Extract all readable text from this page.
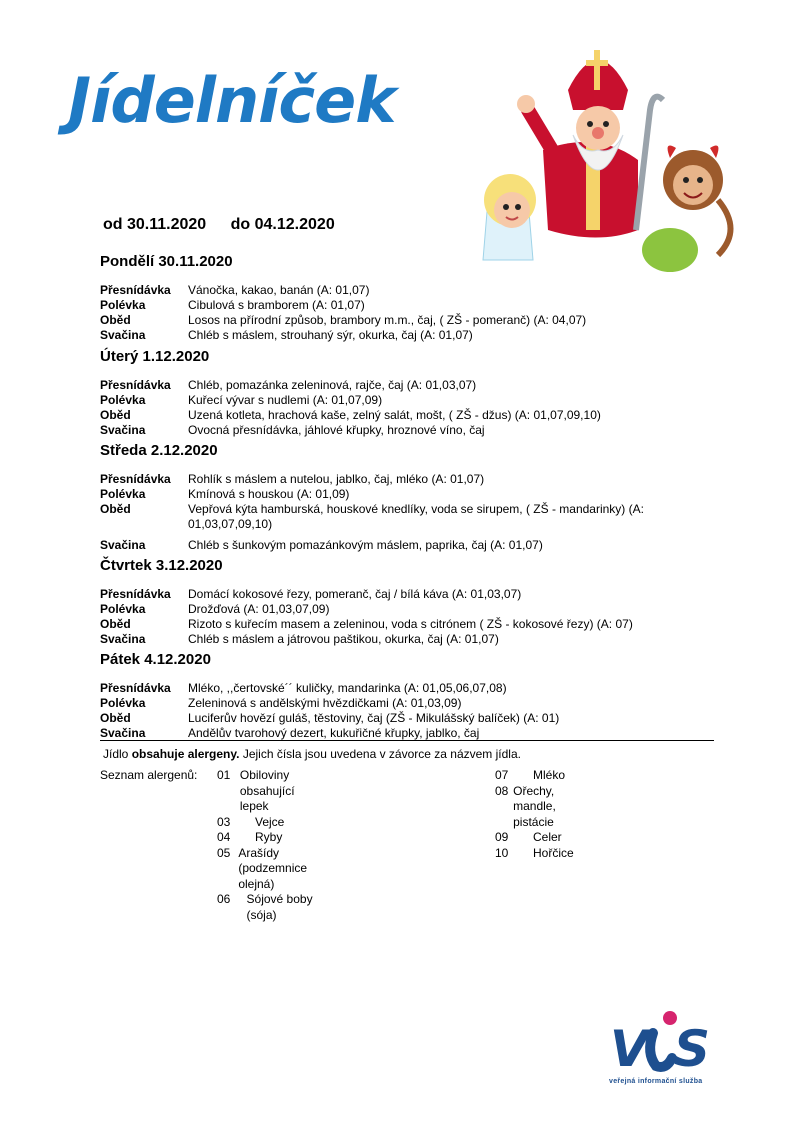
Jídelníček
od 30.11.2020 do 04.12.2020
Pondělí 30.11.2020
Přesnídávka	Vánočka, kakao, banán (A: 01,07)
Polévka	Cibulová s bramborem (A: 01,07)
Oběd	Losos na přírodní způsob, brambory m.m., čaj, ( ZŠ - pomeranč) (A: 04,07)
Svačina	Chléb s máslem, strouhaný sýr, okurka, čaj (A: 01,07)
Úterý 1.12.2020
Přesnídávka	Chléb, pomazánka zeleninová, rajče, čaj (A: 01,03,07)
Polévka	Kuřecí vývar s nudlemi (A: 01,07,09)
Oběd	Uzená kotleta, hrachová kaše, zelný salát, mošt, ( ZŠ - džus) (A: 01,07,09,10)
Svačina	Ovocná přesnídávka, jáhlové křupky, hroznové víno, čaj
Středa 2.12.2020
Přesnídávka	Rohlík s máslem a nutelou, jablko, čaj, mléko (A: 01,07)
Polévka	Kmínová s houskou (A: 01,09)
Oběd	Vepřová kýta hamburská, houskové knedlíky, voda se sirupem, ( ZŠ - mandarinky) (A: 01,03,07,09,10)
Svačina	Chléb s šunkovým pomazánkovým máslem, paprika, čaj (A: 01,07)
Čtvrtek 3.12.2020
Přesnídávka	Domácí kokosové řezy, pomeranč, čaj / bílá káva (A: 01,03,07)
Polévka	Drožďová (A: 01,03,07,09)
Oběd	Rizoto s kuřecím masem a zeleninou, voda s citrónem ( ZŠ - kokosové řezy) (A: 07)
Svačina	Chléb s máslem a játrovou paštikou, okurka, čaj (A: 01,07)
Pátek 4.12.2020
Přesnídávka	Mléko, ,,čertovské´´ kuličky, mandarinka (A: 01,05,06,07,08)
Polévka	Zeleninová s andělskými hvězdičkami (A: 01,03,09)
Oběd	Luciferův hovězí guláš, těstoviny, čaj (ZŠ - Mikulášský balíček) (A: 01)
Svačina	Andělův tvarohový dezert, kukuřičné křupky, jablko, čaj
Jídlo obsahuje alergeny. Jejich čísla jsou uvedena v závorce za názvem jídla.
Seznam alergenů:	01 Obiloviny obsahující lepek
03	Vejce
04	Ryby
05 Arašídy (podzemnice olejná)
06	Sójové boby (sója)
07	Mléko
08 Ořechy, mandle, pistácie
09	Celer
10	Hořčice
V S
veřejná informační služba
